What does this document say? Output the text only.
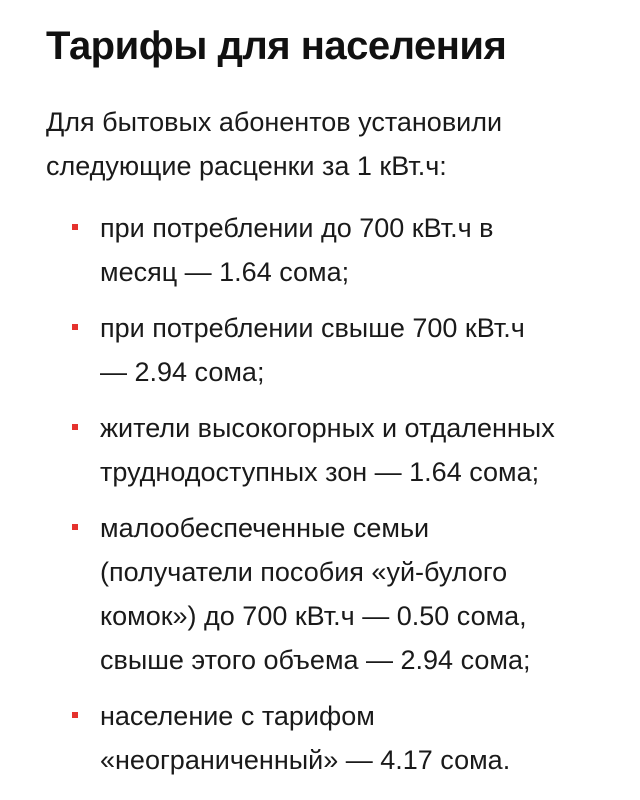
Тарифы для населения

Для бытовых абонентов установили
следующие расценки за 1 кВт.ч:

при потреблении до 700 кВт.ч в
месяц — 1.64 сома;
при потреблении свыше 700 кВт.ч
— 2.94 сома;
жители высокогорных и отдаленных
труднодоступных зон — 1.64 сома;
малообеспеченные семьи
(получатели пособия «уй-булого
комок») до 700 кВт.ч — 0.50 сома,
свыше этого объема — 2.94 сома;
население с тарифом
«неограниченный» — 4.17 сома.
